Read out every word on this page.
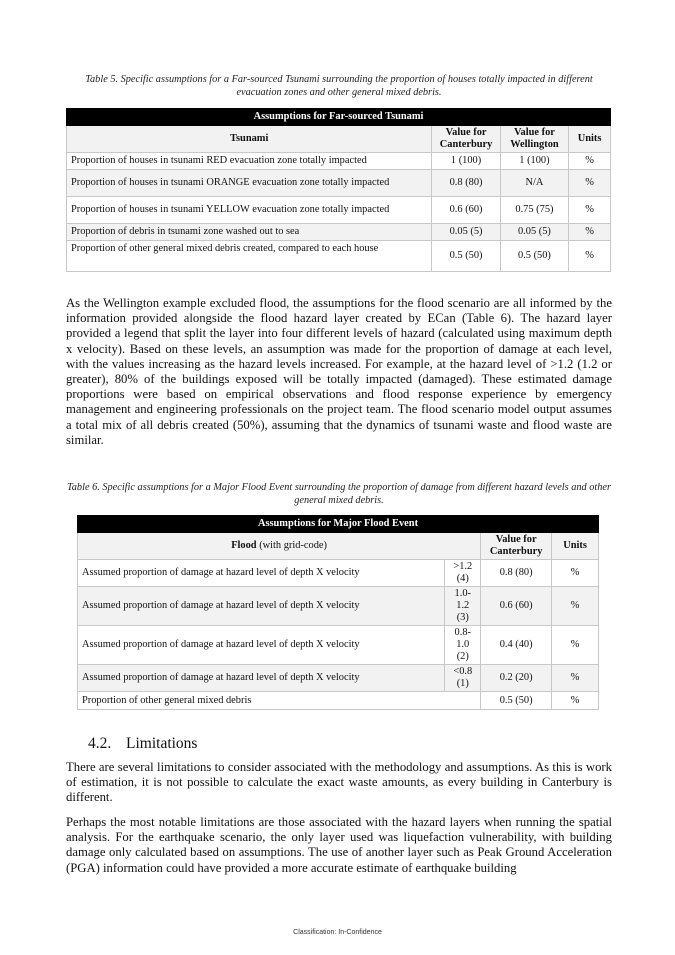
Table 5. Specific assumptions for a Far-sourced Tsunami surrounding the proportion of houses totally impacted in different evacuation zones and other general mixed debris.
Assumptions for Far-sourced Tsunami			
Tsunami	Value for Canterbury	Value for Wellington	Units
Proportion of houses in tsunami RED evacuation zone totally impacted	1 (100)	1 (100)	%
Proportion of houses in tsunami ORANGE evacuation zone totally impacted	0.8 (80)	N/A	%
Proportion of houses in tsunami YELLOW evacuation zone totally impacted	0.6 (60)	0.75 (75)	%
Proportion of debris in tsunami zone washed out to sea	0.05 (5)	0.05 (5)	%
Proportion of other general mixed debris created, compared to each house	0.5 (50)	0.5 (50)	%

As the Wellington example excluded flood, the assumptions for the flood scenario are all informed by the information provided alongside the flood hazard layer created by ECan (Table 6). The hazard layer provided a legend that split the layer into four different levels of hazard (calculated using maximum depth x velocity). Based on these levels, an assumption was made for the proportion of damage at each level, with the values increasing as the hazard levels increased. For example, at the hazard level of >1.2 (1.2 or greater), 80% of the buildings exposed will be totally impacted (damaged). These estimated damage proportions were based on empirical observations and flood response experience by emergency management and engineering professionals on the project team. The flood scenario model output assumes a total mix of all debris created (50%), assuming that the dynamics of tsunami waste and flood waste are similar.

Table 6. Specific assumptions for a Major Flood Event surrounding the proportion of damage from different hazard levels and other general mixed debris.
Assumptions for Major Flood Event			
Flood (with grid-code)		Value for Canterbury	Units
Assumed proportion of damage at hazard level of depth X velocity	>1.2 (4)	0.8 (80)	%
Assumed proportion of damage at hazard level of depth X velocity	1.0- 1.2 (3)	0.6 (60)	%
Assumed proportion of damage at hazard level of depth X velocity	0.8- 1.0 (2)	0.4 (40)	%
Assumed proportion of damage at hazard level of depth X velocity	<0.8 (1)	0.2 (20)	%
Proportion of other general mixed debris		0.5 (50)	%
4.2. Limitations

There are several limitations to consider associated with the methodology and assumptions. As this is work of estimation, it is not possible to calculate the exact waste amounts, as every building in Canterbury is different.

Perhaps the most notable limitations are those associated with the hazard layers when running the spatial analysis. For the earthquake scenario, the only layer used was liquefaction vulnerability, with building damage only calculated based on assumptions. The use of another layer such as Peak Ground Acceleration (PGA) information could have provided a more accurate estimate of earthquake building

Classification: In-Confidence
